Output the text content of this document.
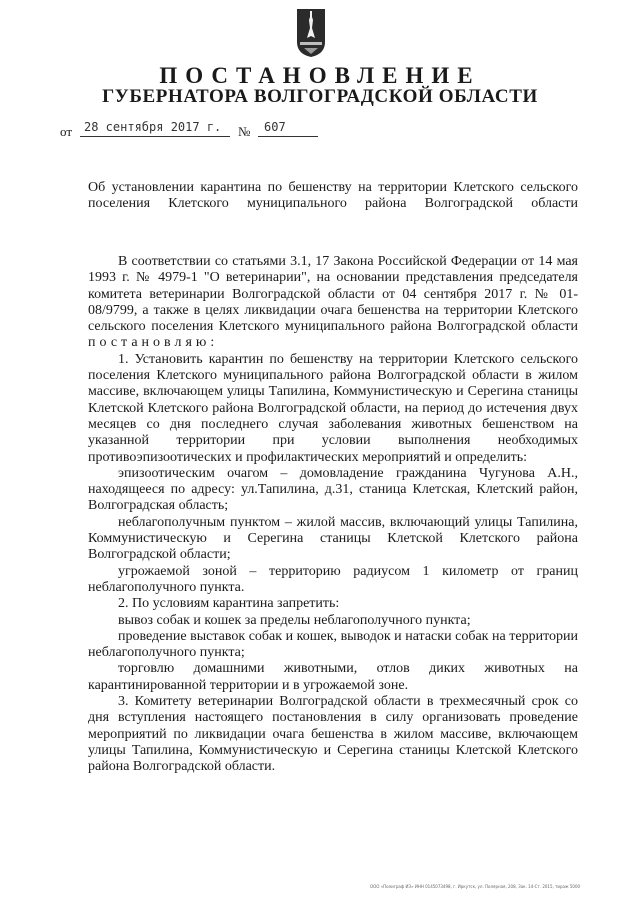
ПОСТАНОВЛЕНИЕ
ГУБЕРНАТОРА ВОЛГОГРАДСКОЙ ОБЛАСТИ
от 28 сентября 2017 г. № 607

Об установлении карантина по бешенству на территории Клетского сельского

поселения Клетского муниципального района Волгоградской области

В соответствии со статьями 3.1, 17 Закона Российской Федерации от 14 мая 1993 г. № 4979-1 "О ветеринарии", на основании представления председателя комитета ветеринарии Волгоградской области от 04 сентября 2017 г. № 01-08/9799, а также в целях ликвидации очага бешенства на территории Клетского сельского поселения Клетского муниципального района Волгоградской области постановляю:

1. Установить карантин по бешенству на территории Клетского сельского поселения Клетского муниципального района Волгоградской области в жилом массиве, включающем улицы Тапилина, Коммунистическую и Серегина станицы Клетской Клетского района Волгоградской области, на период до истечения двух месяцев со дня последнего случая заболевания животных бешенством на указанной территории при условии выполнения необходимых противоэпизоотических и профилактических мероприятий и определить:

эпизоотическим очагом – домовладение гражданина Чугунова А.Н., находящееся по адресу: ул.Тапилина, д.31, станица Клетская, Клетский район, Волгоградская область;

неблагополучным пунктом – жилой массив, включающий улицы Тапилина, Коммунистическую и Серегина станицы Клетской Клетского района Волгоградской области;

угрожаемой зоной – территорию радиусом 1 километр от границ неблагополучного пункта.

2. По условиям карантина запретить:

вывоз собак и кошек за пределы неблагополучного пункта;

проведение выставок собак и кошек, выводок и натаски собак на территории неблагополучного пункта;

торговлю домашними животными, отлов диких животных на карантинированной территории и в угрожаемой зоне.

3. Комитету ветеринарии Волгоградской области в трехмесячный срок со дня вступления настоящего постановления в силу организовать проведение мероприятий по ликвидации очага бешенства в жилом массиве, включающем улицы Тапилина, Коммунистическую и Серегина станицы Клетской Клетского района Волгоградской области.

ООО «Полиграф ИЗ» ИНН 0145073498, г. Иркутск, ул. Полярная, 208, Зак. 14-Ст. 2015, тираж 5000
